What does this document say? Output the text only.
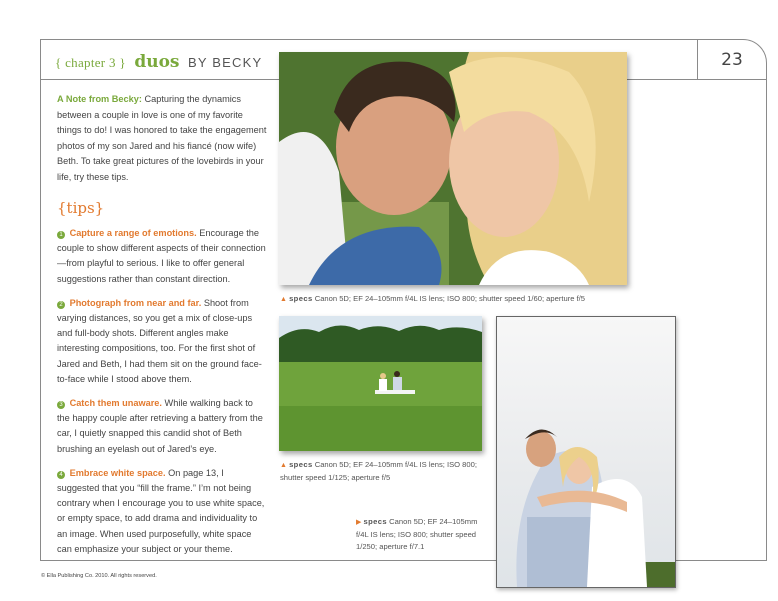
23
{ chapter 3 } duos BY BECKY

A Note from Becky: Capturing the dynamics between a couple in love is one of my favorite things to do! I was honored to take the engagement photos of my son Jared and his fiancé (now wife) Beth. To take great pictures of the lovebirds in your life, try these tips.

{tips}

1 Capture a range of emotions. Encourage the couple to show different aspects of their connection—from playful to serious. I like to offer general suggestions rather than constant direction.

2 Photograph from near and far. Shoot from varying distances, so you get a mix of close-ups and full-body shots. Different angles make interesting compositions, too. For the first shot of Jared and Beth, I had them sit on the ground face-to-face while I stood above them.

3 Catch them unaware. While walking back to the happy couple after retrieving a battery from the car, I quietly snapped this candid shot of Beth brushing an eyelash out of Jared’s eye.

4 Embrace white space. On page 13, I suggested that you “fill the frame.” I’m not being contrary when I encourage you to use white space, or empty space, to add drama and individuality to an image. When used purposefully, white space can emphasize your subject or your theme.

▲ specs Canon 5D; EF 24–105mm f/4L IS lens; ISO 800; shutter speed 1/60; aperture f/5
▲ specs Canon 5D; EF 24–105mm f/4L IS lens; ISO 800; shutter speed 1/125; aperture f/5
▶ specs Canon 5D; EF 24–105mm f/4L IS lens; ISO 800; shutter speed 1/250; aperture f/7.1
© Ella Publishing Co. 2010. All rights reserved.
